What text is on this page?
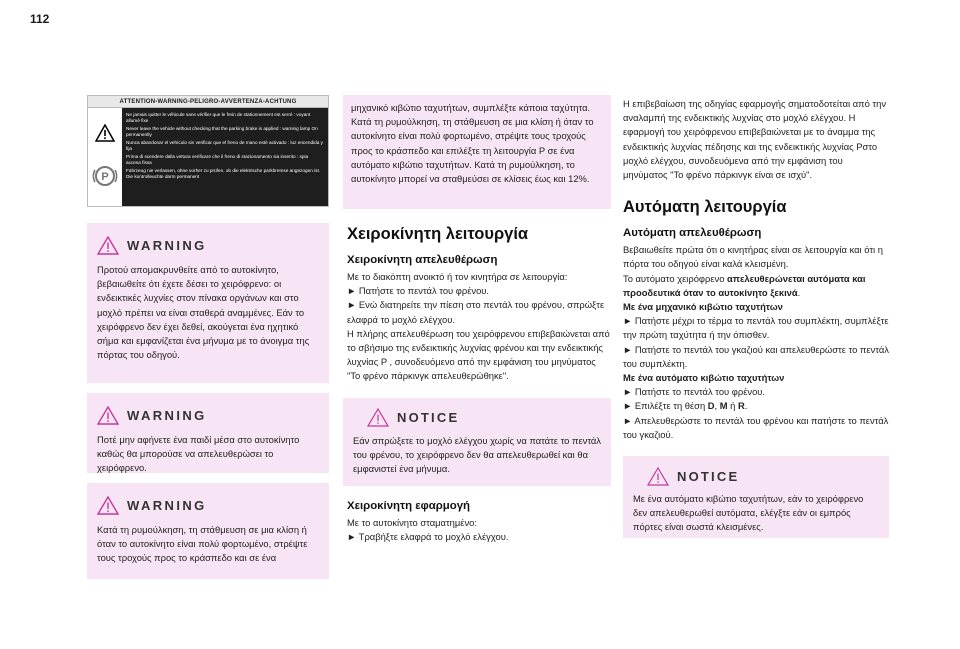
112
ATTENTION-WARNING-PELIGRO-AVVERTENZA-ACHTUNG
P
Ne jamais quitter le véhicule sans vérifier que le frein de stationnement est serré : voyant allumé fixe
Never leave the vehicle without checking that the parking brake is applied : warning lamp On permanently
Nunca abandonar el vehículo sin verificar que el freno de mano esté activado : luz encendida y fija
Prima di scendere dalla vettura verificare che il freno di stazionamento sia inserito : spia accesa fissa
Fahrzeug nie verlassen, ohne vorher zu prüfen, ob die elektrische parkbremse angezogen ist. Die kontrolleuchte darm permanent
WARNING
Προτού απομακρυνθείτε από το αυτοκίνητο, βεβαιωθείτε ότι έχετε δέσει το χειρόφρενο: οι ενδεικτικές λυχνίες στον πίνακα οργάνων και στο μοχλό πρέπει να είναι σταθερά αναμμένες. Εάν το χειρόφρενο δεν έχει δεθεί, ακούγεται ένα ηχητικό σήμα και εμφανίζεται ένα μήνυμα με το άνοιγμα της πόρτας του οδηγού.
WARNING
Ποτέ μην αφήνετε ένα παιδί μέσα στο αυτοκίνητο καθώς θα μπορούσε να απελευθερώσει το χειρόφρενο.
WARNING
Κατά τη ρυμούλκηση, τη στάθμευση σε μια κλίση ή όταν το αυτοκίνητο είναι πολύ φορτωμένο, στρέψτε τους τροχούς προς το κράσπεδο και σε ένα
μηχανικό κιβώτιο ταχυτήτων, συμπλέξτε κάποια ταχύτητα. Κατά τη ρυμούλκηση, τη στάθμευση σε μια κλίση ή όταν το αυτοκίνητο είναι πολύ φορτωμένο, στρέψτε τους τροχούς προς το κράσπεδο και επιλέξτε τη λειτουργία P σε ένα αυτόματο κιβώτιο ταχυτήτων. Κατά τη ρυμούλκηση, το αυτοκίνητο μπορεί να σταθμεύσει σε κλίσεις έως και 12%.
Χειροκίνητη λειτουργία
Χειροκίνητη απελευθέρωση
Με το διακόπτη ανοικτό ή τον κινητήρα σε λειτουργία:
► Πατήστε το πεντάλ του φρένου.
► Ενώ διατηρείτε την πίεση στο πεντάλ του φρένου, σπρώξτε ελαφρά το μοχλό ελέγχου.
Η πλήρης απελευθέρωση του χειρόφρενου επιβεβαιώνεται από το σβήσιμο της ενδεικτικής λυχνίας φρένου και την ενδεικτικής λυχνίας P , συνοδευόμενο από την εμφάνιση του μηνύματος "Το φρένο πάρκινγκ απελευθερώθηκε".
NOTICE
Εάν σπρώξετε το μοχλό ελέγχου χωρίς να πατάτε το πεντάλ του φρένου, το χειρόφρενο δεν θα απελευθερωθεί και θα εμφανιστεί ένα μήνυμα.
Χειροκίνητη εφαρμογή
Με το αυτοκίνητο σταματημένο:
► Τραβήξτε ελαφρά το μοχλό ελέγχου.
Η επιβεβαίωση της οδηγίας εφαρμογής σηματοδοτείται από την αναλαμπή της ενδεικτικής λυχνίας στο μοχλό ελέγχου. Η εφαρμογή του χειρόφρενου επιβεβαιώνεται με το άναμμα της ενδεικτικής λυχνίας πέδησης και της ενδεικτικής λυχνίας Pστο μοχλό ελέγχου, συνοδευόμενα από την εμφάνιση του μηνύματος "Το φρένο πάρκινγκ είναι σε ισχύ".
Αυτόματη λειτουργία
Αυτόματη απελευθέρωση
Βεβαιωθείτε πρώτα ότι ο κινητήρας είναι σε λειτουργία και ότι η πόρτα του οδηγού είναι καλά κλεισμένη.
Το αυτόματο χειρόφρενο απελευθερώνεται αυτόματα και προοδευτικά όταν το αυτοκίνητο ξεκινά.
Με ένα μηχανικό κιβώτιο ταχυτήτων
► Πατήστε μέχρι το τέρμα το πεντάλ του συμπλέκτη, συμπλέξτε την πρώτη ταχύτητα ή την όπισθεν.
► Πατήστε το πεντάλ του γκαζιού και απελευθερώστε το πεντάλ του συμπλέκτη.
Με ένα αυτόματο κιβώτιο ταχυτήτων
► Πατήστε το πεντάλ του φρένου.
► Επιλέξτε τη θέση D, M ή R.
► Απελευθερώστε το πεντάλ του φρένου και πατήστε το πεντάλ του γκαζιού.
NOTICE
Με ένα αυτόματο κιβώτιο ταχυτήτων, εάν το χειρόφρενο δεν απελευθερωθεί αυτόματα, ελέγξτε εάν οι εμπρός πόρτες είναι σωστά κλεισμένες.
